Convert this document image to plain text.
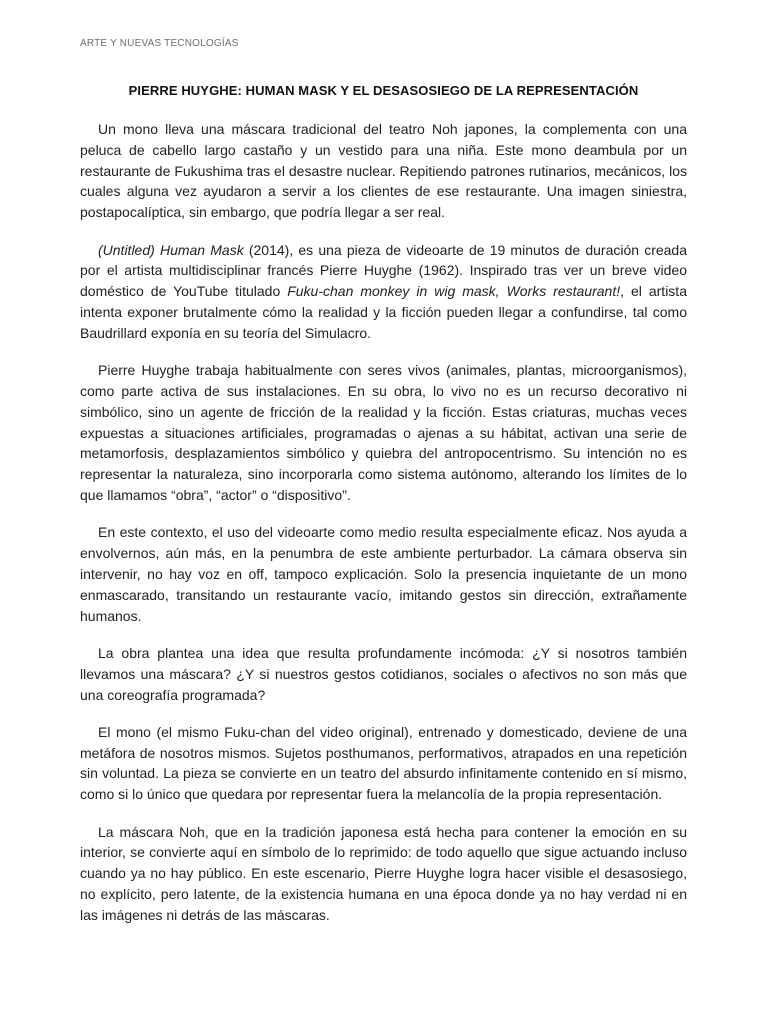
ARTE Y NUEVAS TECNOLOGÍAS
PIERRE HUYGHE: HUMAN MASK Y EL DESASOSIEGO DE LA REPRESENTACIÓN

Un mono lleva una máscara tradicional del teatro Noh japones, la complementa con una peluca de cabello largo castaño y un vestido para una niña. Este mono deambula por un restaurante de Fukushima tras el desastre nuclear. Repitiendo patrones rutinarios, mecánicos, los cuales alguna vez ayudaron a servir a los clientes de ese restaurante. Una imagen siniestra, postapocalíptica, sin embargo, que podría llegar a ser real.

(Untitled) Human Mask (2014), es una pieza de videoarte de 19 minutos de duración creada por el artista multidisciplinar francés Pierre Huyghe (1962). Inspirado tras ver un breve video doméstico de YouTube titulado Fuku-chan monkey in wig mask, Works restaurant!, el artista intenta exponer brutalmente cómo la realidad y la ficción pueden llegar a confundirse, tal como Baudrillard exponía en su teoría del Simulacro.

Pierre Huyghe trabaja habitualmente con seres vivos (animales, plantas, microorganismos), como parte activa de sus instalaciones. En su obra, lo vivo no es un recurso decorativo ni simbólico, sino un agente de fricción de la realidad y la ficción. Estas criaturas, muchas veces expuestas a situaciones artificiales, programadas o ajenas a su hábitat, activan una serie de metamorfosis, desplazamientos simbólico y quiebra del antropocentrismo. Su intención no es representar la naturaleza, sino incorporarla como sistema autónomo, alterando los límites de lo que llamamos “obra”, “actor” o “dispositivo”.

En este contexto, el uso del videoarte como medio resulta especialmente eficaz. Nos ayuda a envolvernos, aún más, en la penumbra de este ambiente perturbador. La cámara observa sin intervenir, no hay voz en off, tampoco explicación. Solo la presencia inquietante de un mono enmascarado, transitando un restaurante vacío, imitando gestos sin dirección, extrañamente humanos.

La obra plantea una idea que resulta profundamente incómoda: ¿Y si nosotros también llevamos una máscara? ¿Y si nuestros gestos cotidianos, sociales o afectivos no son más que una coreografía programada?

El mono (el mismo Fuku-chan del video original), entrenado y domesticado, deviene de una metáfora de nosotros mismos. Sujetos posthumanos, performativos, atrapados en una repetición sin voluntad. La pieza se convierte en un teatro del absurdo infinitamente contenido en sí mismo, como si lo único que quedara por representar fuera la melancolía de la propia representación.

La máscara Noh, que en la tradición japonesa está hecha para contener la emoción en su interior, se convierte aquí en símbolo de lo reprimido: de todo aquello que sigue actuando incluso cuando ya no hay público. En este escenario, Pierre Huyghe logra hacer visible el desasosiego, no explícito, pero latente, de la existencia humana en una época donde ya no hay verdad ni en las imágenes ni detrás de las máscaras.
